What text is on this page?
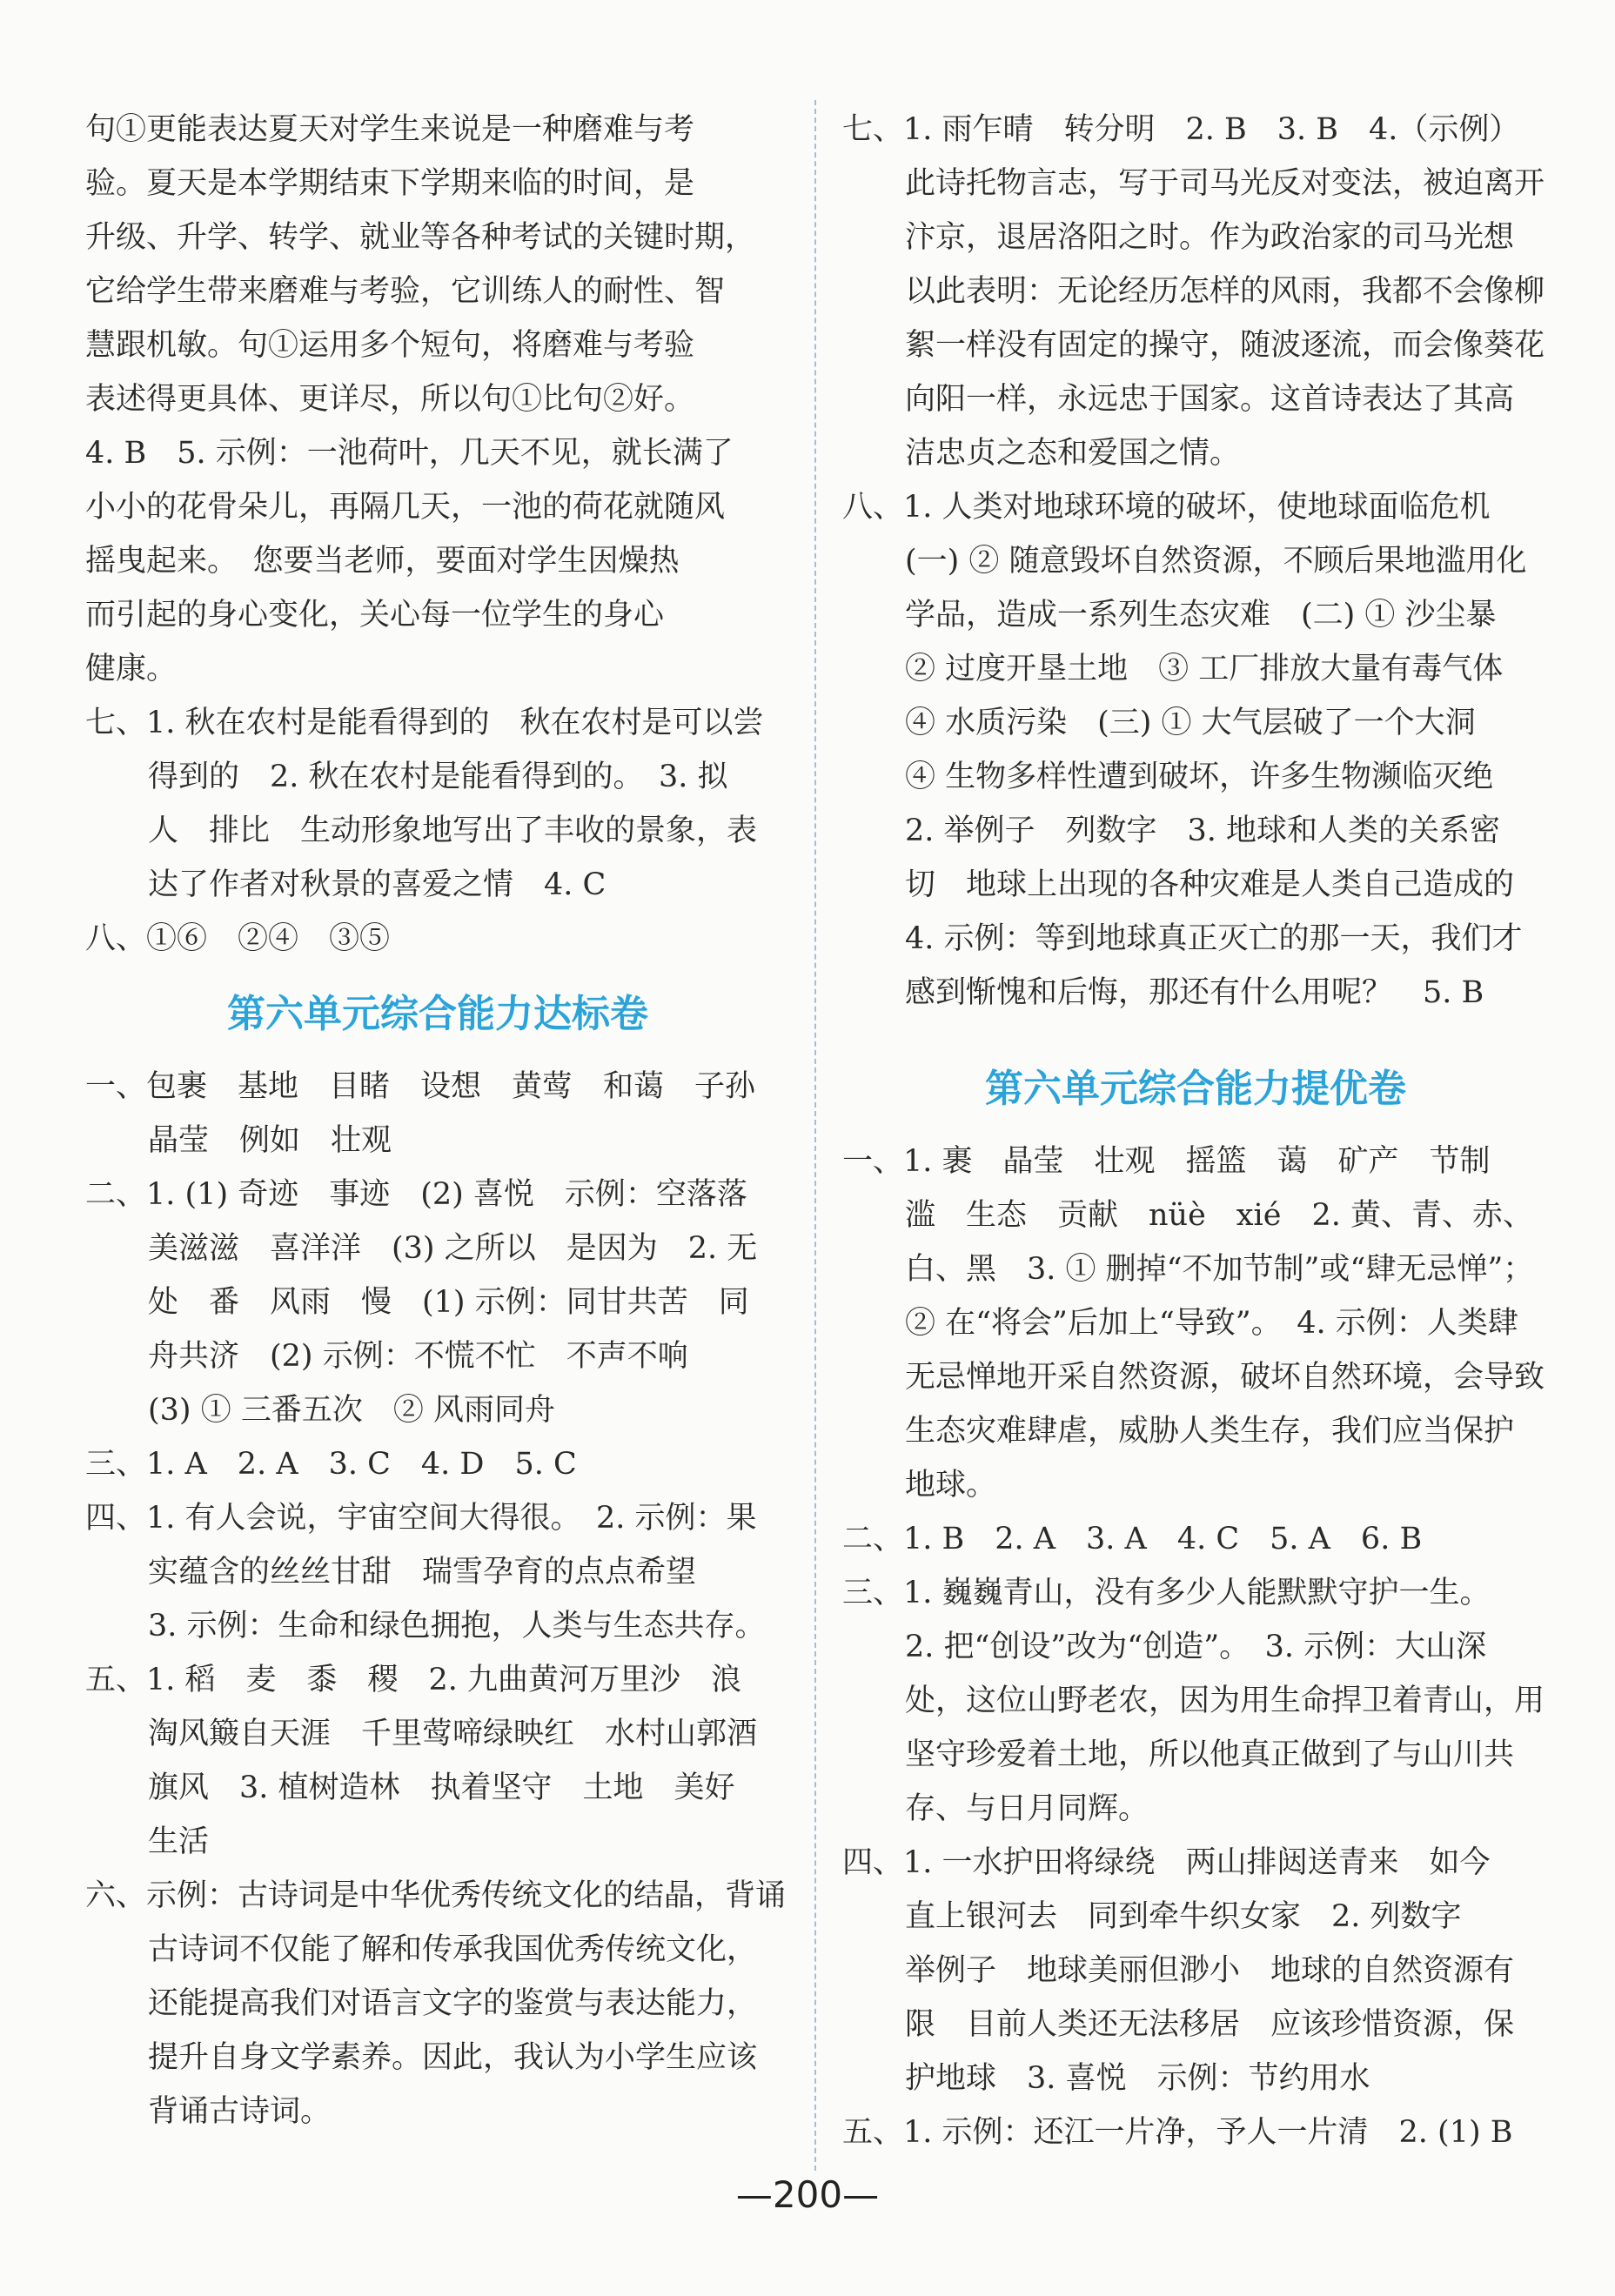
句①更能表达夏天对学生来说是一种磨难与考

验。夏天是本学期结束下学期来临的时间，是

升级、升学、转学、就业等各种考试的关键时期，

它给学生带来磨难与考验，它训练人的耐性、智

慧跟机敏。句①运用多个短句，将磨难与考验

表述得更具体、更详尽，所以句①比句②好。

4. B　5. 示例：一池荷叶，几天不见，就长满了

小小的花骨朵儿，再隔几天，一池的荷花就随风

摇曳起来。　您要当老师，要面对学生因燥热

而引起的身心变化，关心每一位学生的身心

健康。

七、1. 秋在农村是能看得到的　秋在农村是可以尝

得到的　2. 秋在农村是能看得到的。　3. 拟

人　排比　生动形象地写出了丰收的景象，表

达了作者对秋景的喜爱之情　4. C

八、①⑥　②④　③⑤

第六单元综合能力达标卷

一、包裹　基地　目睹　设想　黄莺　和蔼　子孙

晶莹　例如　壮观

二、1. (1) 奇迹　事迹　(2) 喜悦　示例：空落落

美滋滋　喜洋洋　(3) 之所以　是因为　2. 无

处　番　风雨　慢　(1) 示例：同甘共苦　同

舟共济　(2) 示例：不慌不忙　不声不响

(3) ① 三番五次　② 风雨同舟

三、1. A　2. A　3. C　4. D　5. C

四、1. 有人会说，宇宙空间大得很。　2. 示例：果

实蕴含的丝丝甘甜　瑞雪孕育的点点希望

3. 示例：生命和绿色拥抱，人类与生态共存。

五、1. 稻　麦　黍　稷　2. 九曲黄河万里沙　浪

淘风簸自天涯　千里莺啼绿映红　水村山郭酒

旗风　3. 植树造林　执着坚守　土地　美好

生活

六、示例：古诗词是中华优秀传统文化的结晶，背诵

古诗词不仅能了解和传承我国优秀传统文化，

还能提高我们对语言文字的鉴赏与表达能力，

提升自身文学素养。因此，我认为小学生应该

背诵古诗词。

七、1. 雨乍晴　转分明　2. B　3. B　4.（示例）

此诗托物言志，写于司马光反对变法，被迫离开

汴京，退居洛阳之时。作为政治家的司马光想

以此表明：无论经历怎样的风雨，我都不会像柳

絮一样没有固定的操守，随波逐流，而会像葵花

向阳一样，永远忠于国家。这首诗表达了其高

洁忠贞之态和爱国之情。

八、1. 人类对地球环境的破坏，使地球面临危机

(一) ② 随意毁坏自然资源，不顾后果地滥用化

学品，造成一系列生态灾难　(二) ① 沙尘暴

② 过度开垦土地　③ 工厂排放大量有毒气体

④ 水质污染　(三) ① 大气层破了一个大洞

④ 生物多样性遭到破坏，许多生物濒临灭绝

2. 举例子　列数字　3. 地球和人类的关系密

切　地球上出现的各种灾难是人类自己造成的

4. 示例：等到地球真正灭亡的那一天，我们才

感到惭愧和后悔，那还有什么用呢？　5. B

第六单元综合能力提优卷

一、1. 裹　晶莹　壮观　摇篮　蔼　矿产　节制

滥　生态　贡献　nüè　xié　2. 黄、青、赤、

白、黑　3. ① 删掉“不加节制”或“肆无忌惮”；

② 在“将会”后加上“导致”。　4. 示例：人类肆

无忌惮地开采自然资源，破坏自然环境，会导致

生态灾难肆虐，威胁人类生存，我们应当保护

地球。

二、1. B　2. A　3. A　4. C　5. A　6. B

三、1. 巍巍青山，没有多少人能默默守护一生。

2. 把“创设”改为“创造”。　3. 示例：大山深

处，这位山野老农，因为用生命捍卫着青山，用

坚守珍爱着土地，所以他真正做到了与山川共

存、与日月同辉。

四、1. 一水护田将绿绕　两山排闼送青来　如今

直上银河去　同到牵牛织女家　2. 列数字

举例子　地球美丽但渺小　地球的自然资源有

限　目前人类还无法移居　应该珍惜资源，保

护地球　3. 喜悦　示例：节约用水

五、1. 示例：还江一片净，予人一片清　2. (1) B

—200—
